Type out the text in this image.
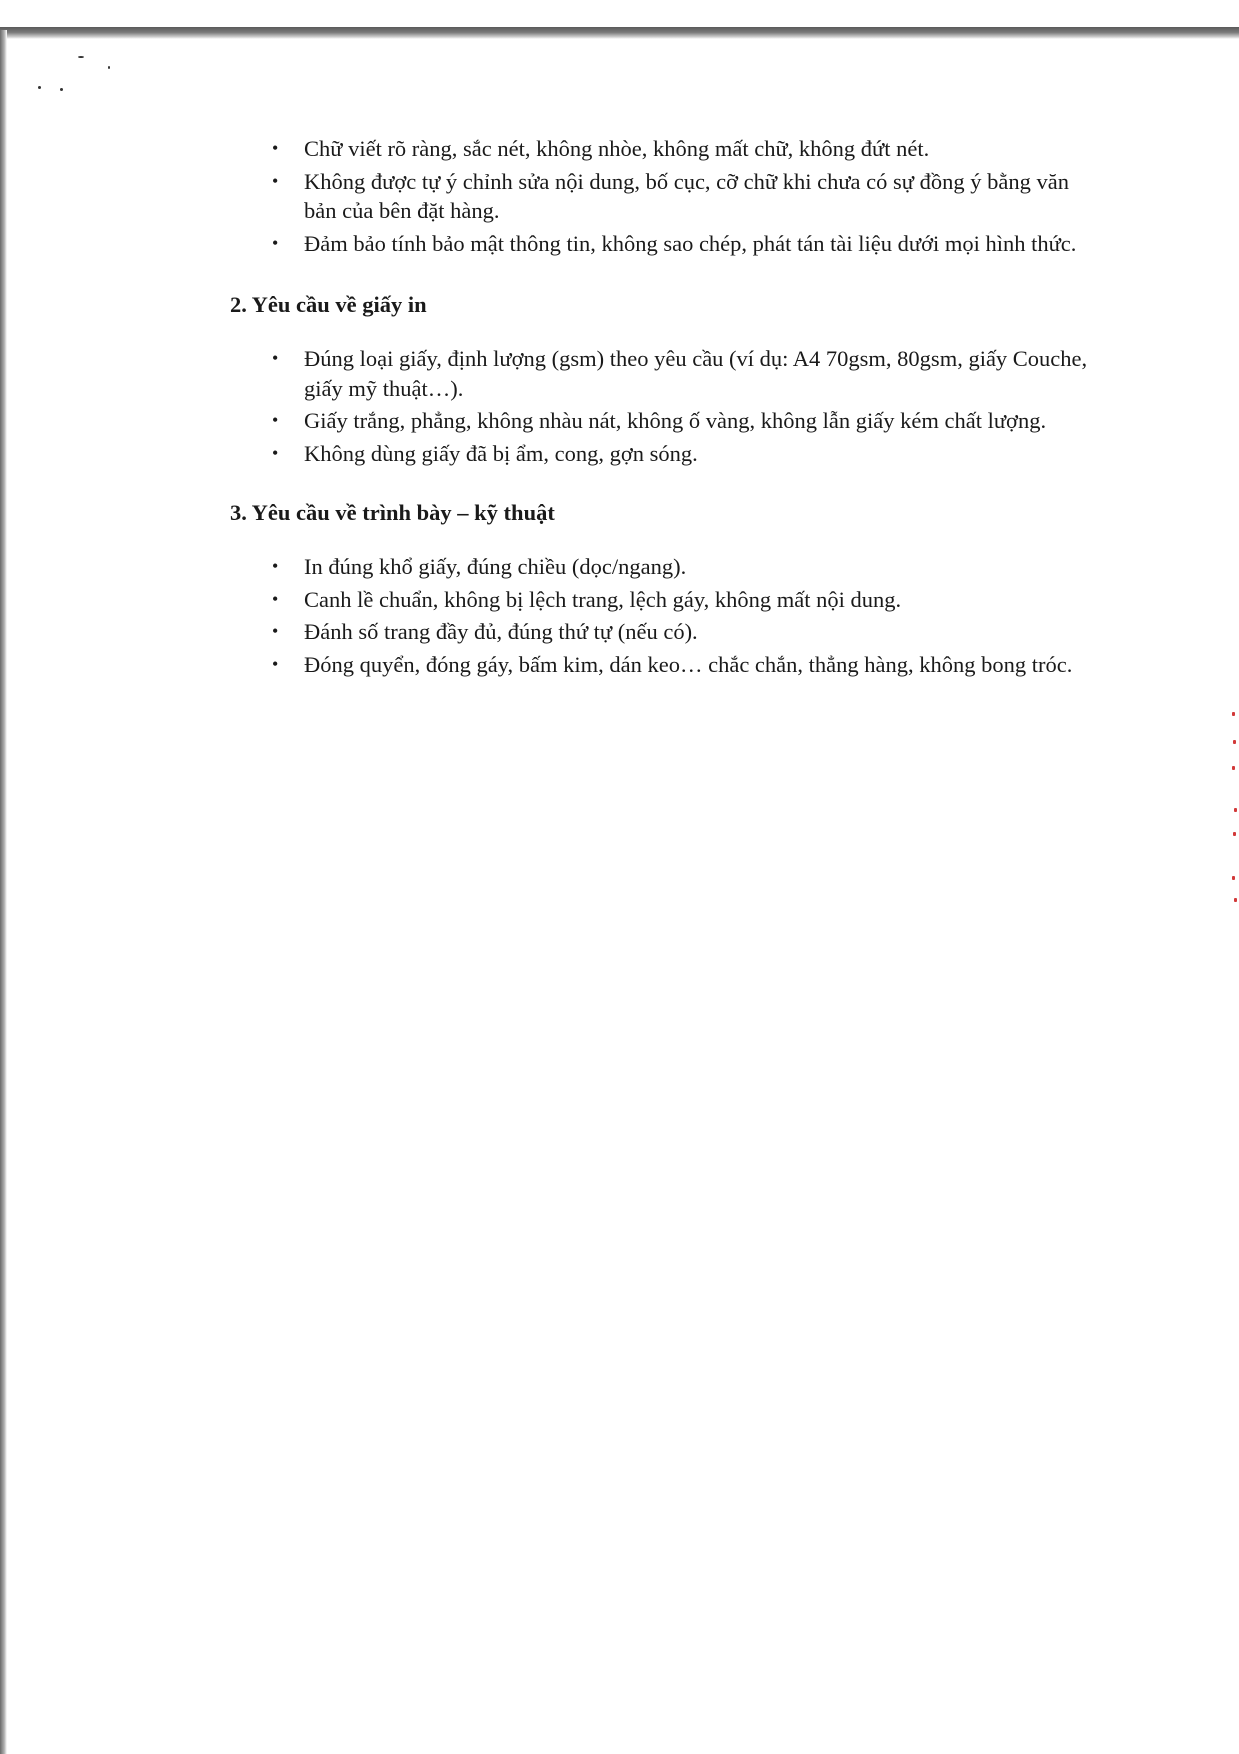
• Chữ viết rõ ràng, sắc nét, không nhòe, không mất chữ, không đứt nét.
• Không được tự ý chỉnh sửa nội dung, bố cục, cỡ chữ khi chưa có sự đồng ý bằng văn bản của bên đặt hàng.
• Đảm bảo tính bảo mật thông tin, không sao chép, phát tán tài liệu dưới mọi hình thức.
2. Yêu cầu về giấy in
• Đúng loại giấy, định lượng (gsm) theo yêu cầu (ví dụ: A4 70gsm, 80gsm, giấy Couche, giấy mỹ thuật…).
• Giấy trắng, phẳng, không nhàu nát, không ố vàng, không lẫn giấy kém chất lượng.
• Không dùng giấy đã bị ẩm, cong, gợn sóng.
3. Yêu cầu về trình bày – kỹ thuật
• In đúng khổ giấy, đúng chiều (dọc/ngang).
• Canh lề chuẩn, không bị lệch trang, lệch gáy, không mất nội dung.
• Đánh số trang đầy đủ, đúng thứ tự (nếu có).
• Đóng quyển, đóng gáy, bấm kim, dán keo… chắc chắn, thẳng hàng, không bong tróc.
